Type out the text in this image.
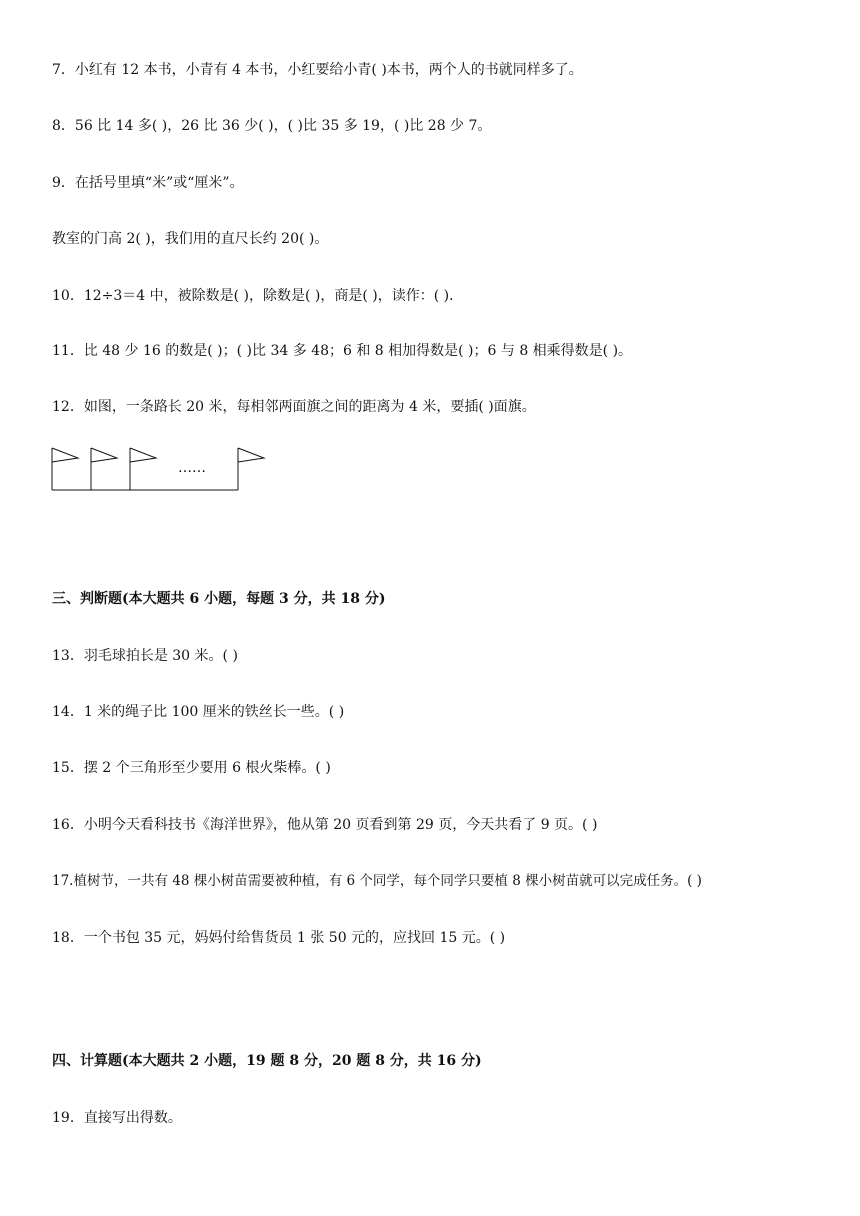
7．小红有 12 本书，小青有 4 本书，小红要给小青( )本书，两个人的书就同样多了。
8．56 比 14 多( )，26 比 36 少( )，( )比 35 多 19，( )比 28 少 7。
9．在括号里填“米”或“厘米”。
教室的门高 2( )，我们用的直尺长约 20( )。
10．12÷3＝4 中，被除数是( )，除数是( )，商是( )，读作：( )．
11．比 48 少 16 的数是( )；( )比 34 多 48；6 和 8 相加得数是( )；6 与 8 相乘得数是( )。
12．如图，一条路长 20 米，每相邻两面旗之间的距离为 4 米，要插( )面旗。
……
三、判断题(本大题共 6 小题，每题 3 分，共 18 分)
13．羽毛球拍长是 30 米。( )
14．1 米的绳子比 100 厘米的铁丝长一些。( )
15．摆 2 个三角形至少要用 6 根火柴棒。( )
16．小明今天看科技书《海洋世界》，他从第 20 页看到第 29 页，今天共看了 9 页。( )
17.植树节，一共有 48 棵小树苗需要被种植，有 6 个同学，每个同学只要植 8 棵小树苗就可以完成任务。( )
18．一个书包 35 元，妈妈付给售货员 1 张 50 元的，应找回 15 元。( )
四、计算题(本大题共 2 小题，19 题 8 分，20 题 8 分，共 16 分)
19．直接写出得数。
